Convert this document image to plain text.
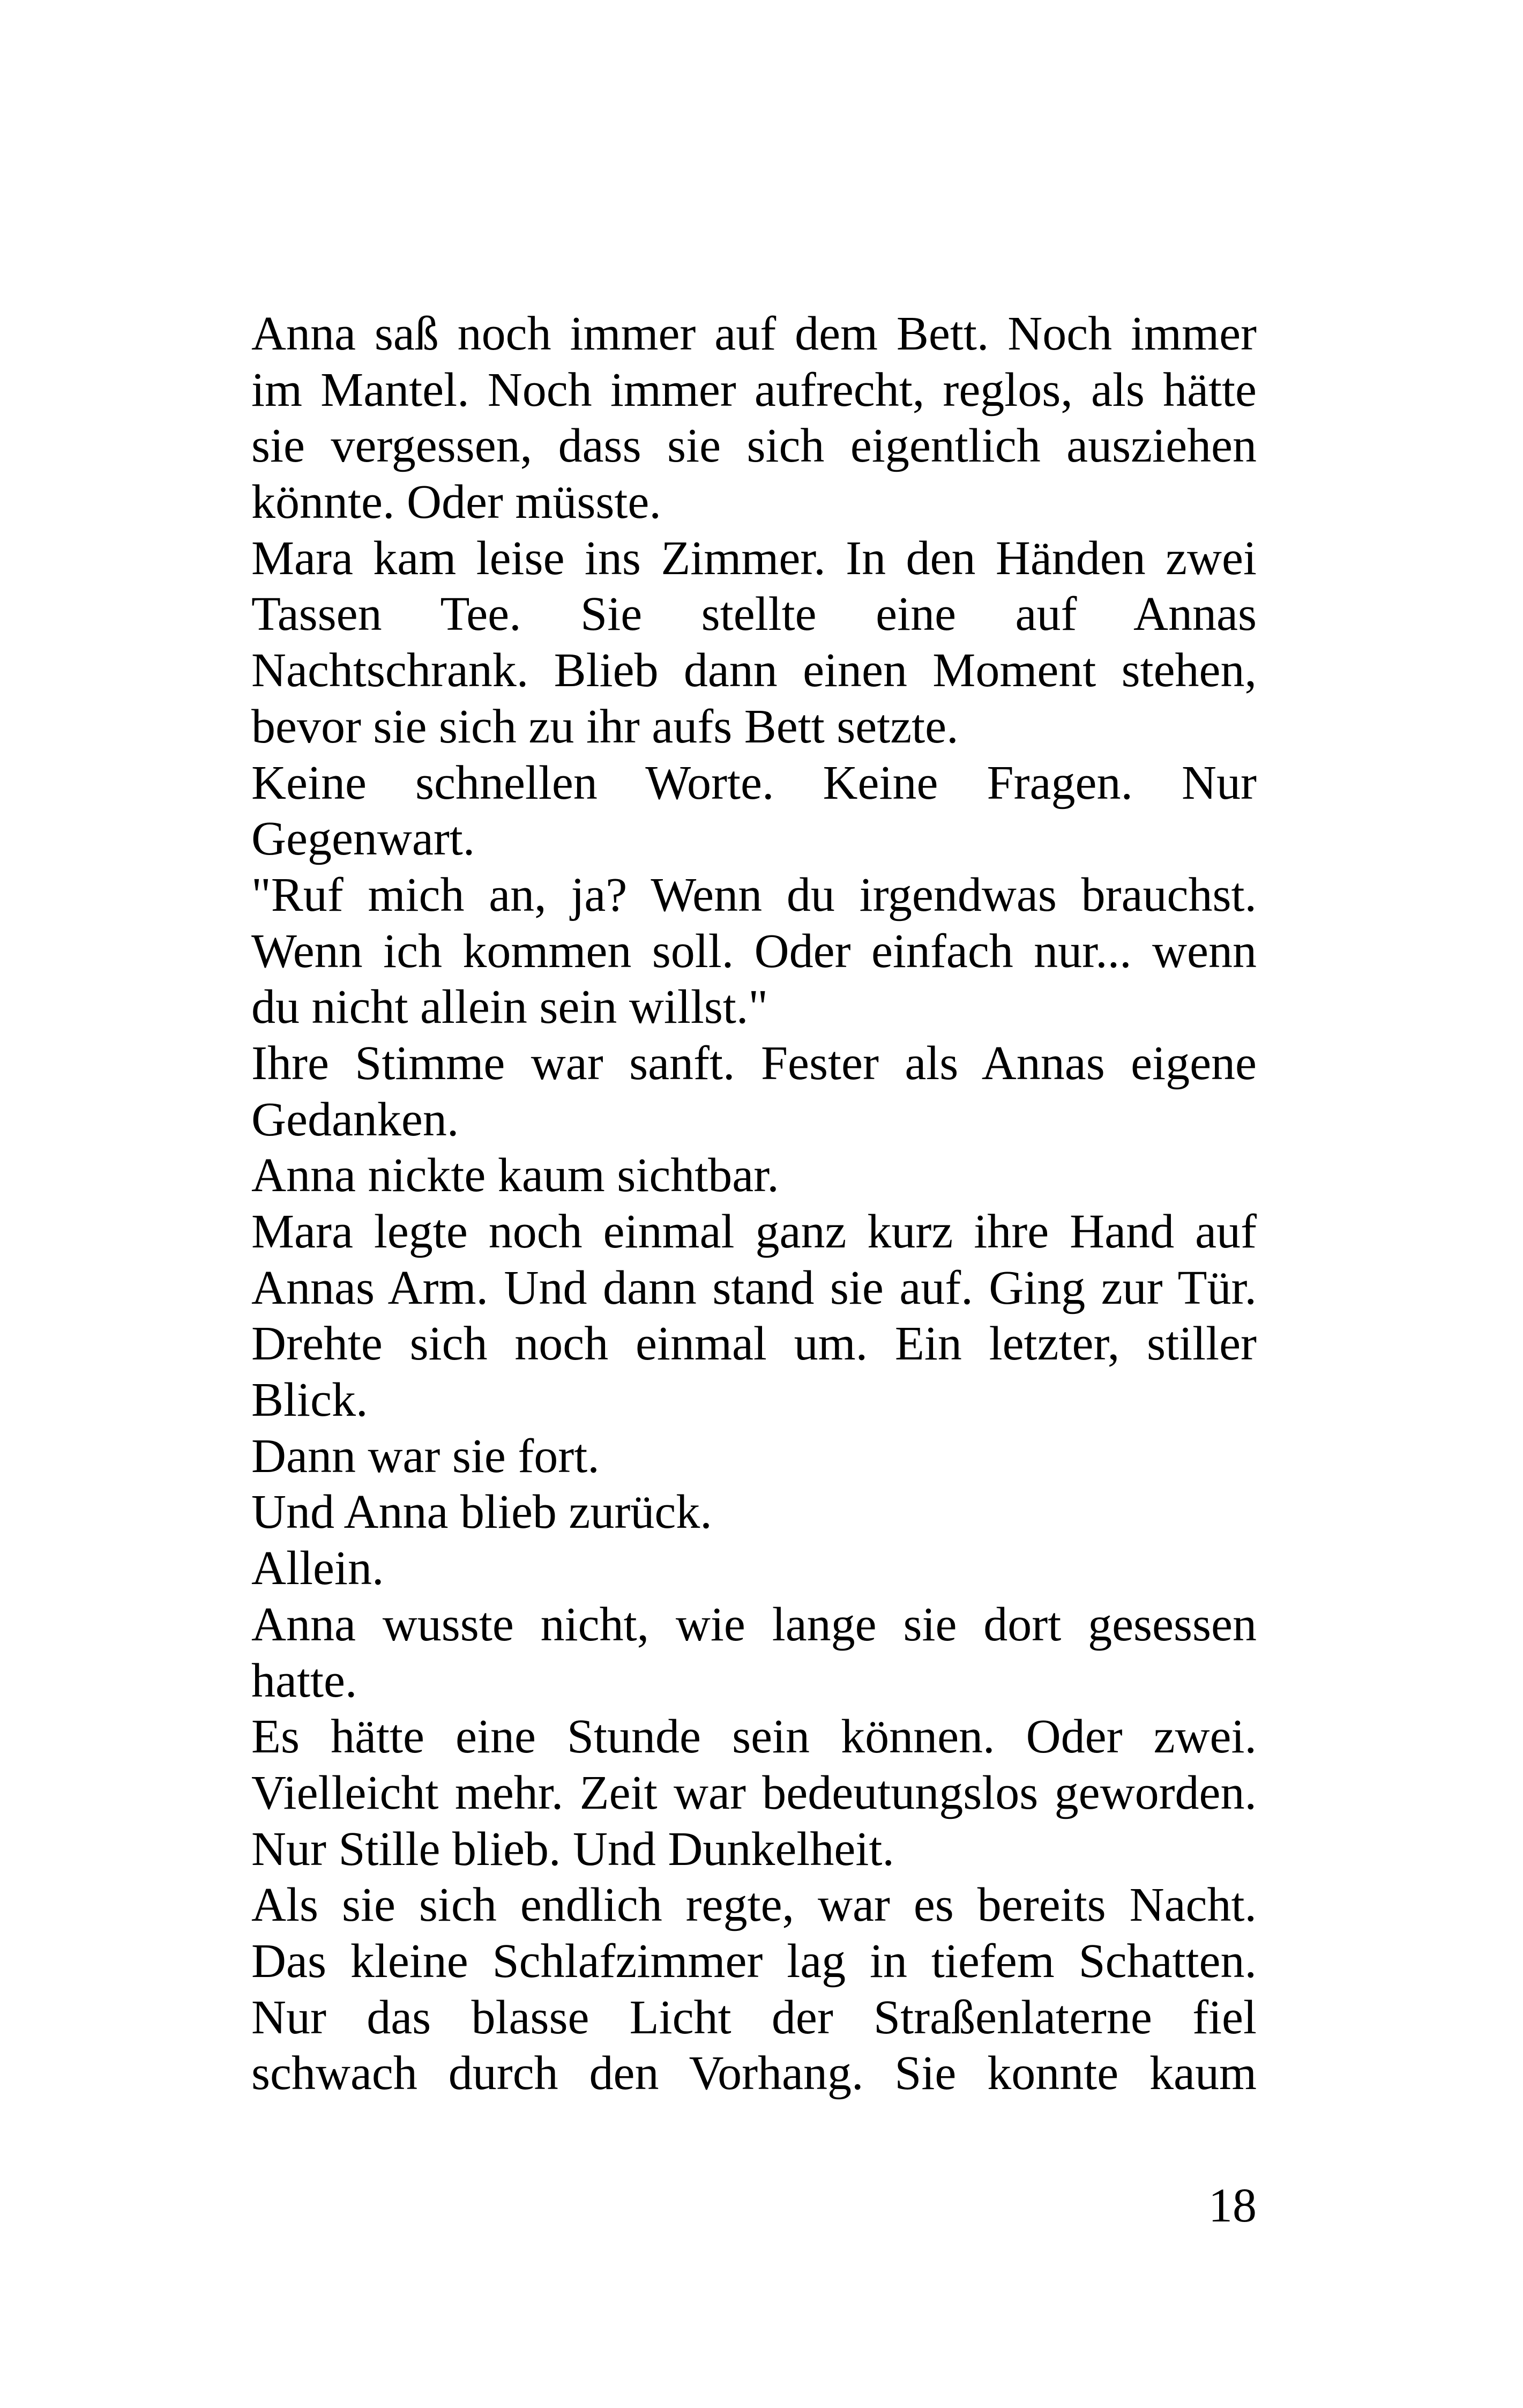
Anna saß noch immer auf dem Bett. Noch immer
im Mantel. Noch immer aufrecht, reglos, als hätte
sie vergessen, dass sie sich eigentlich ausziehen
könnte. Oder müsste.
Mara kam leise ins Zimmer. In den Händen zwei
Tassen Tee. Sie stellte eine auf Annas
Nachtschrank. Blieb dann einen Moment stehen,
bevor sie sich zu ihr aufs Bett setzte.
Keine schnellen Worte. Keine Fragen. Nur
Gegenwart.
"Ruf mich an, ja? Wenn du irgendwas brauchst.
Wenn ich kommen soll. Oder einfach nur... wenn
du nicht allein sein willst."
Ihre Stimme war sanft. Fester als Annas eigene
Gedanken.
Anna nickte kaum sichtbar.
Mara legte noch einmal ganz kurz ihre Hand auf
Annas Arm. Und dann stand sie auf. Ging zur Tür.
Drehte sich noch einmal um. Ein letzter, stiller
Blick.
Dann war sie fort.
Und Anna blieb zurück.
Allein.
Anna wusste nicht, wie lange sie dort gesessen
hatte.
Es hätte eine Stunde sein können. Oder zwei.
Vielleicht mehr. Zeit war bedeutungslos geworden.
Nur Stille blieb. Und Dunkelheit.
Als sie sich endlich regte, war es bereits Nacht.
Das kleine Schlafzimmer lag in tiefem Schatten.
Nur das blasse Licht der Straßenlaterne fiel
schwach durch den Vorhang. Sie konnte kaum
18
